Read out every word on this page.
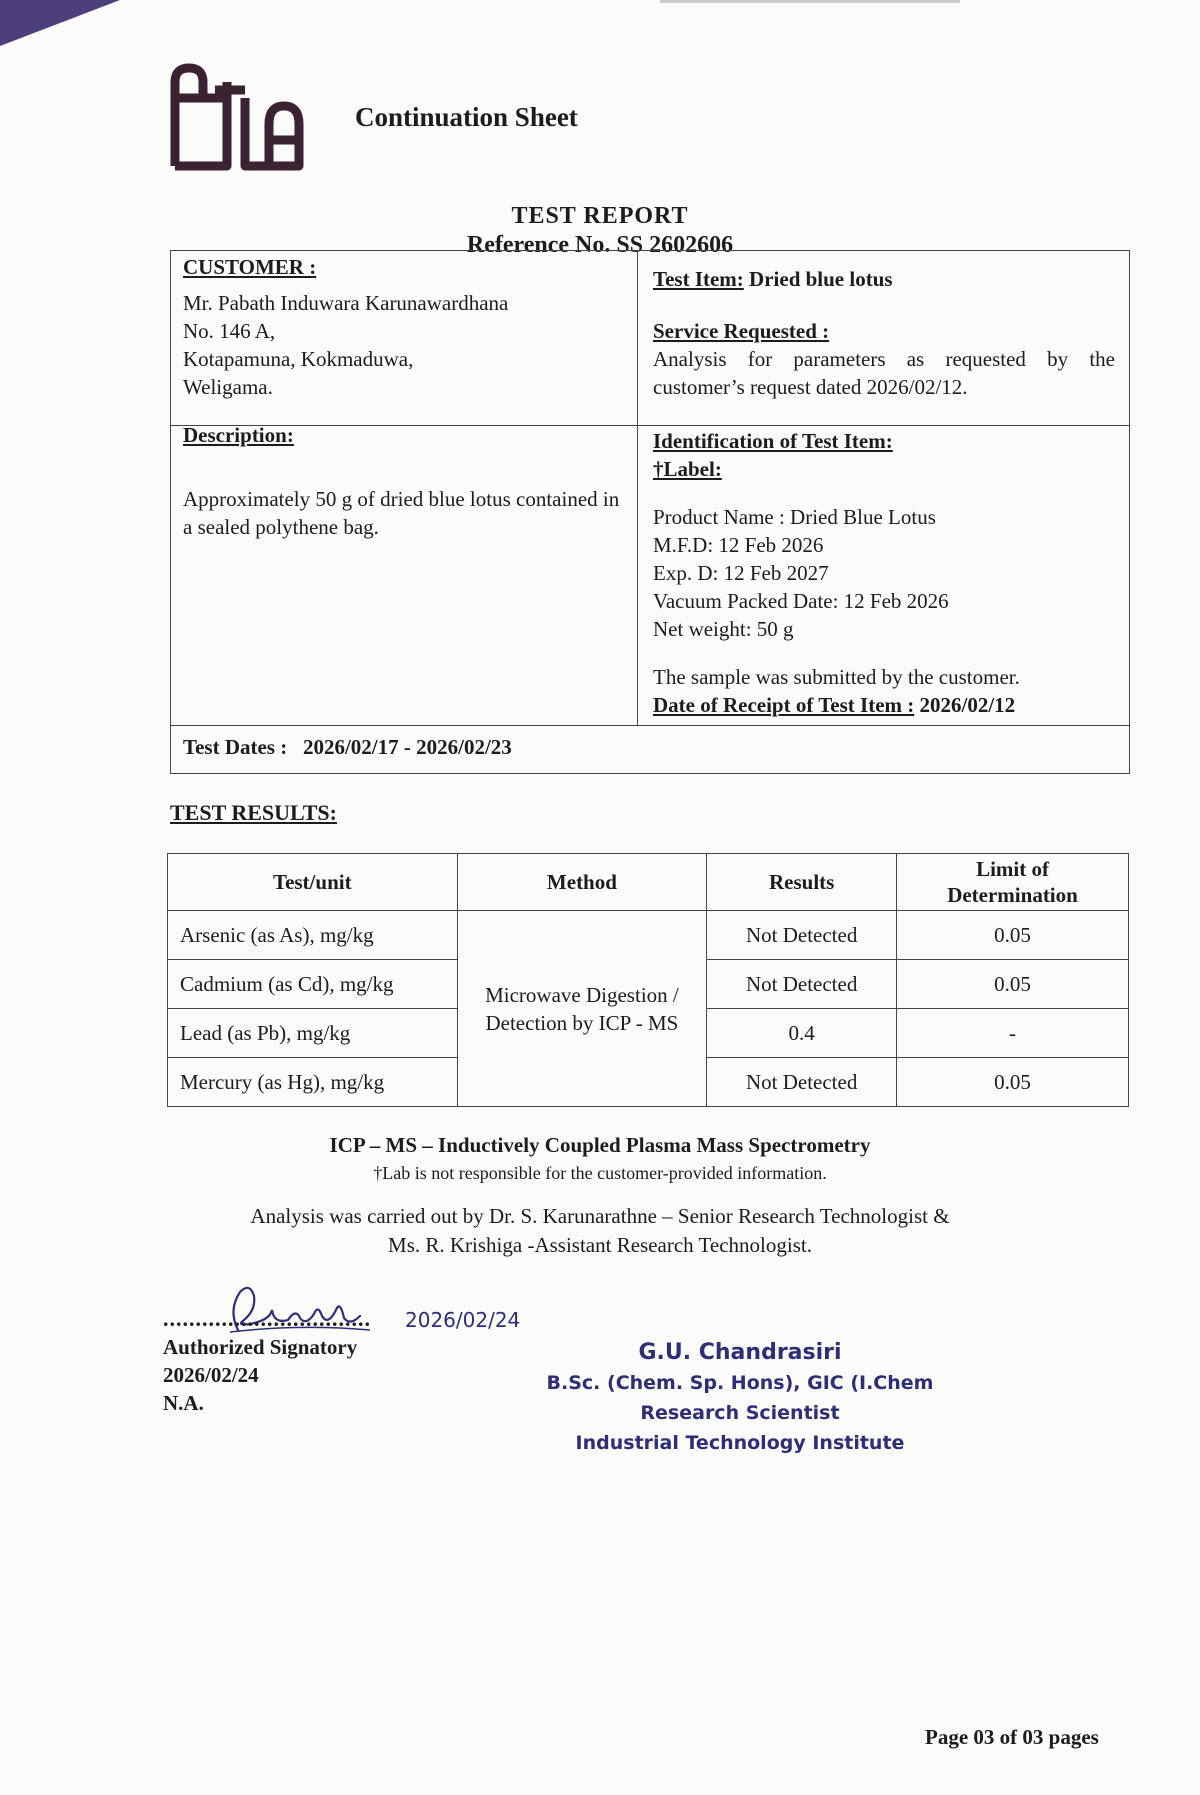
Continuation Sheet
TEST REPORT
Reference No. SS 2602606
CUSTOMER :
Mr. Pabath Induwara Karunawardhana
No. 146 A,
Kotapamuna, Kokmaduwa,
Weligama.
Test Item: Dried blue lotus
Service Requested :
Analysis for parameters as requested by the customer’s request dated 2026/02/12.
Description:
Approximately 50 g of dried blue lotus contained in a sealed polythene bag.
Identification of Test Item:
†Label:
Product Name : Dried Blue Lotus
M.F.D: 12 Feb 2026
Exp. D: 12 Feb 2027
Vacuum Packed Date: 12 Feb 2026
Net weight: 50 g
The sample was submitted by the customer.
Date of Receipt of Test Item : 2026/02/12
Test Dates : 2026/02/17 - 2026/02/23
TEST RESULTS:
Test/unit	Method	Results	Limit of Determination
Arsenic (as As), mg/kg	Microwave Digestion / Detection by ICP - MS	Not Detected	0.05
Cadmium (as Cd), mg/kg		Not Detected	0.05
Lead (as Pb), mg/kg		0.4	-
Mercury (as Hg), mg/kg		Not Detected	0.05
ICP – MS – Inductively Coupled Plasma Mass Spectrometry
†Lab is not responsible for the customer-provided information.
Analysis was carried out by Dr. S. Karunarathne – Senior Research Technologist &
Ms. R. Krishiga -Assistant Research Technologist.
2026/02/24
................................
Authorized Signatory
2026/02/24
N.A.
G.U. Chandrasiri
B.Sc. (Chem. Sp. Hons), GIC (I.Chem
Research Scientist
Industrial Technology Institute
Page 03 of 03 pages
